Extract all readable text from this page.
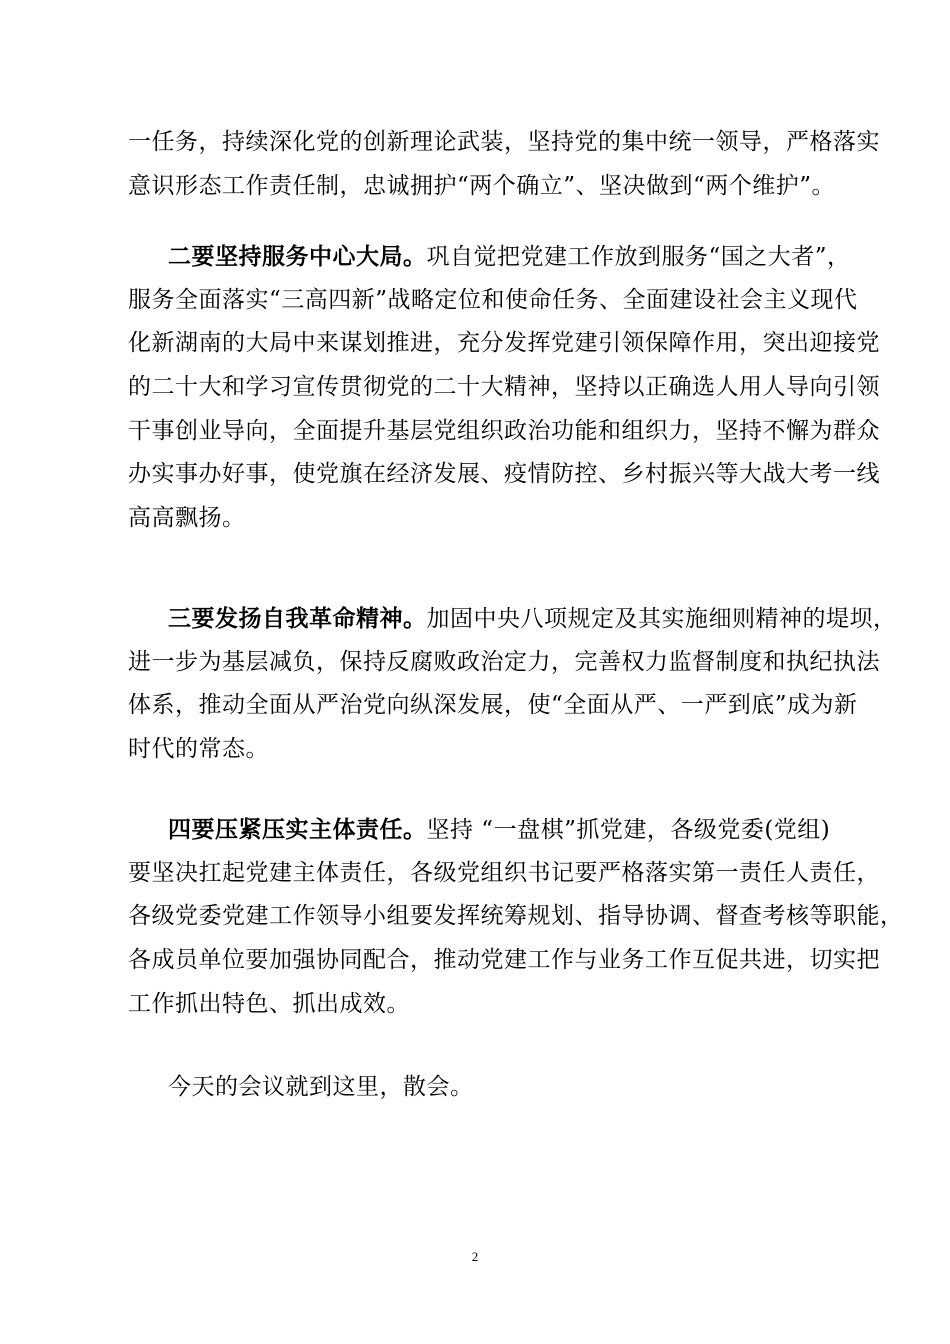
一任务，持续深化党的创新理论武装，坚持党的集中统一领导，严格落实
意识形态工作责任制，忠诚拥护“两个确立”、坚决做到“两个维护”。
二要坚持服务中心大局。巩自觉把党建工作放到服务“国之大者”，
服务全面落实“三高四新”战略定位和使命任务、全面建设社会主义现代
化新湖南的大局中来谋划推进，充分发挥党建引领保障作用，突出迎接党
的二十大和学习宣传贯彻党的二十大精神，坚持以正确选人用人导向引领
干事创业导向，全面提升基层党组织政治功能和组织力，坚持不懈为群众
办实事办好事，使党旗在经济发展、疫情防控、乡村振兴等大战大考一线
高高飘扬。
三要发扬自我革命精神。加固中央八项规定及其实施细则精神的堤坝，
进一步为基层减负，保持反腐败政治定力，完善权力监督制度和执纪执法
体系，推动全面从严治党向纵深发展，使“全面从严、一严到底”成为新
时代的常态。
四要压紧压实主体责任。坚持 “一盘棋”抓党建，各级党委(党组)
要坚决扛起党建主体责任，各级党组织书记要严格落实第一责任人责任，
各级党委党建工作领导小组要发挥统筹规划、指导协调、督查考核等职能，
各成员单位要加强协同配合，推动党建工作与业务工作互促共进，切实把
工作抓出特色、抓出成效。
今天的会议就到这里，散会。
2
